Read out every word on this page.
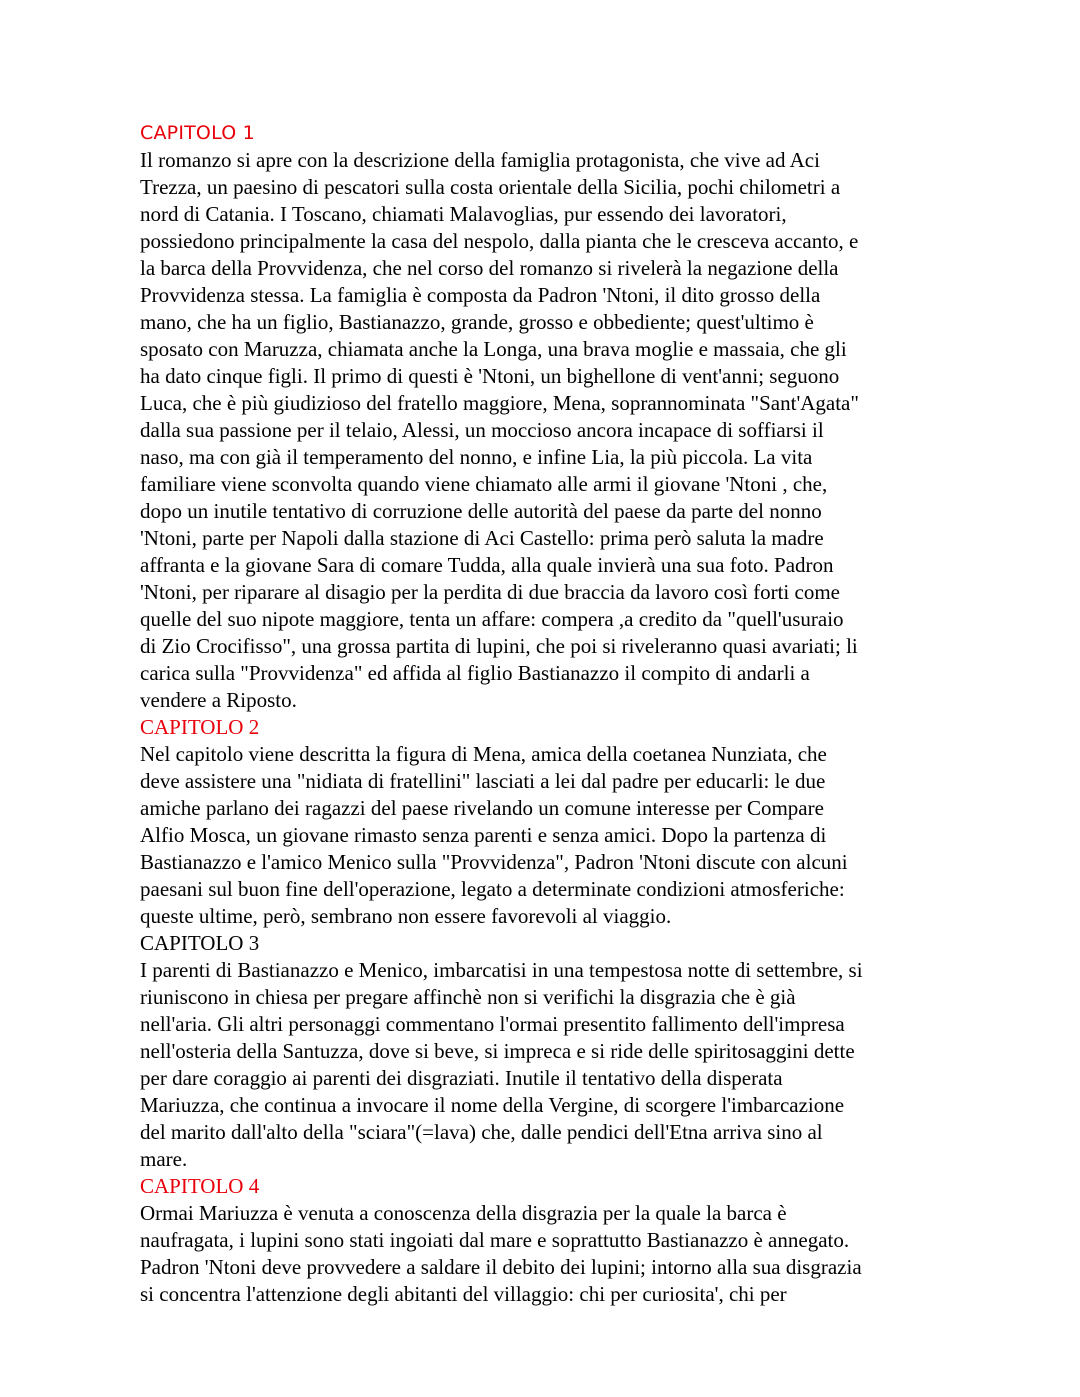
CAPITOLO 1

Il romanzo si apre con la descrizione della famiglia protagonista, che vive ad Aci
Trezza, un paesino di pescatori sulla costa orientale della Sicilia, pochi chilometri a
nord di Catania. I Toscano, chiamati Malavoglias, pur essendo dei lavoratori,
possiedono principalmente la casa del nespolo, dalla pianta che le cresceva accanto, e
la barca della Provvidenza, che nel corso del romanzo si rivelerà la negazione della
Provvidenza stessa. La famiglia è composta da Padron 'Ntoni, il dito grosso della
mano, che ha un figlio, Bastianazzo, grande, grosso e obbediente; quest'ultimo è
sposato con Maruzza, chiamata anche la Longa, una brava moglie e massaia, che gli
ha dato cinque figli. Il primo di questi è 'Ntoni, un bighellone di vent'anni; seguono
Luca, che è più giudizioso del fratello maggiore, Mena, soprannominata "Sant'Agata"
dalla sua passione per il telaio, Alessi, un moccioso ancora incapace di soffiarsi il
naso, ma con già il temperamento del nonno, e infine Lia, la più piccola. La vita
familiare viene sconvolta quando viene chiamato alle armi il giovane 'Ntoni , che,
dopo un inutile tentativo di corruzione delle autorità del paese da parte del nonno
'Ntoni, parte per Napoli dalla stazione di Aci Castello: prima però saluta la madre
affranta e la giovane Sara di comare Tudda, alla quale invierà una sua foto. Padron
'Ntoni, per riparare al disagio per la perdita di due braccia da lavoro così forti come
quelle del suo nipote maggiore, tenta un affare: compera ,a credito da "quell'usuraio
di Zio Crocifisso", una grossa partita di lupini, che poi si riveleranno quasi avariati; li
carica sulla "Provvidenza" ed affida al figlio Bastianazzo il compito di andarli a
vendere a Riposto.

CAPITOLO 2

Nel capitolo viene descritta la figura di Mena, amica della coetanea Nunziata, che
deve assistere una "nidiata di fratellini" lasciati a lei dal padre per educarli: le due
amiche parlano dei ragazzi del paese rivelando un comune interesse per Compare
Alfio Mosca, un giovane rimasto senza parenti e senza amici. Dopo la partenza di
Bastianazzo e l'amico Menico sulla "Provvidenza", Padron 'Ntoni discute con alcuni
paesani sul buon fine dell'operazione, legato a determinate condizioni atmosferiche:
queste ultime, però, sembrano non essere favorevoli al viaggio.

CAPITOLO 3

I parenti di Bastianazzo e Menico, imbarcatisi in una tempestosa notte di settembre, si
riuniscono in chiesa per pregare affinchè non si verifichi la disgrazia che è già
nell'aria. Gli altri personaggi commentano l'ormai presentito fallimento dell'impresa
nell'osteria della Santuzza, dove si beve, si impreca e si ride delle spiritosaggini dette
per dare coraggio ai parenti dei disgraziati. Inutile il tentativo della disperata
Mariuzza, che continua a invocare il nome della Vergine, di scorgere l'imbarcazione
del marito dall'alto della "sciara"(=lava) che, dalle pendici dell'Etna arriva sino al
mare.

CAPITOLO 4

Ormai Mariuzza è venuta a conoscenza della disgrazia per la quale la barca è
naufragata, i lupini sono stati ingoiati dal mare e soprattutto Bastianazzo è annegato.
Padron 'Ntoni deve provvedere a saldare il debito dei lupini; intorno alla sua disgrazia
si concentra l'attenzione degli abitanti del villaggio: chi per curiosita', chi per
